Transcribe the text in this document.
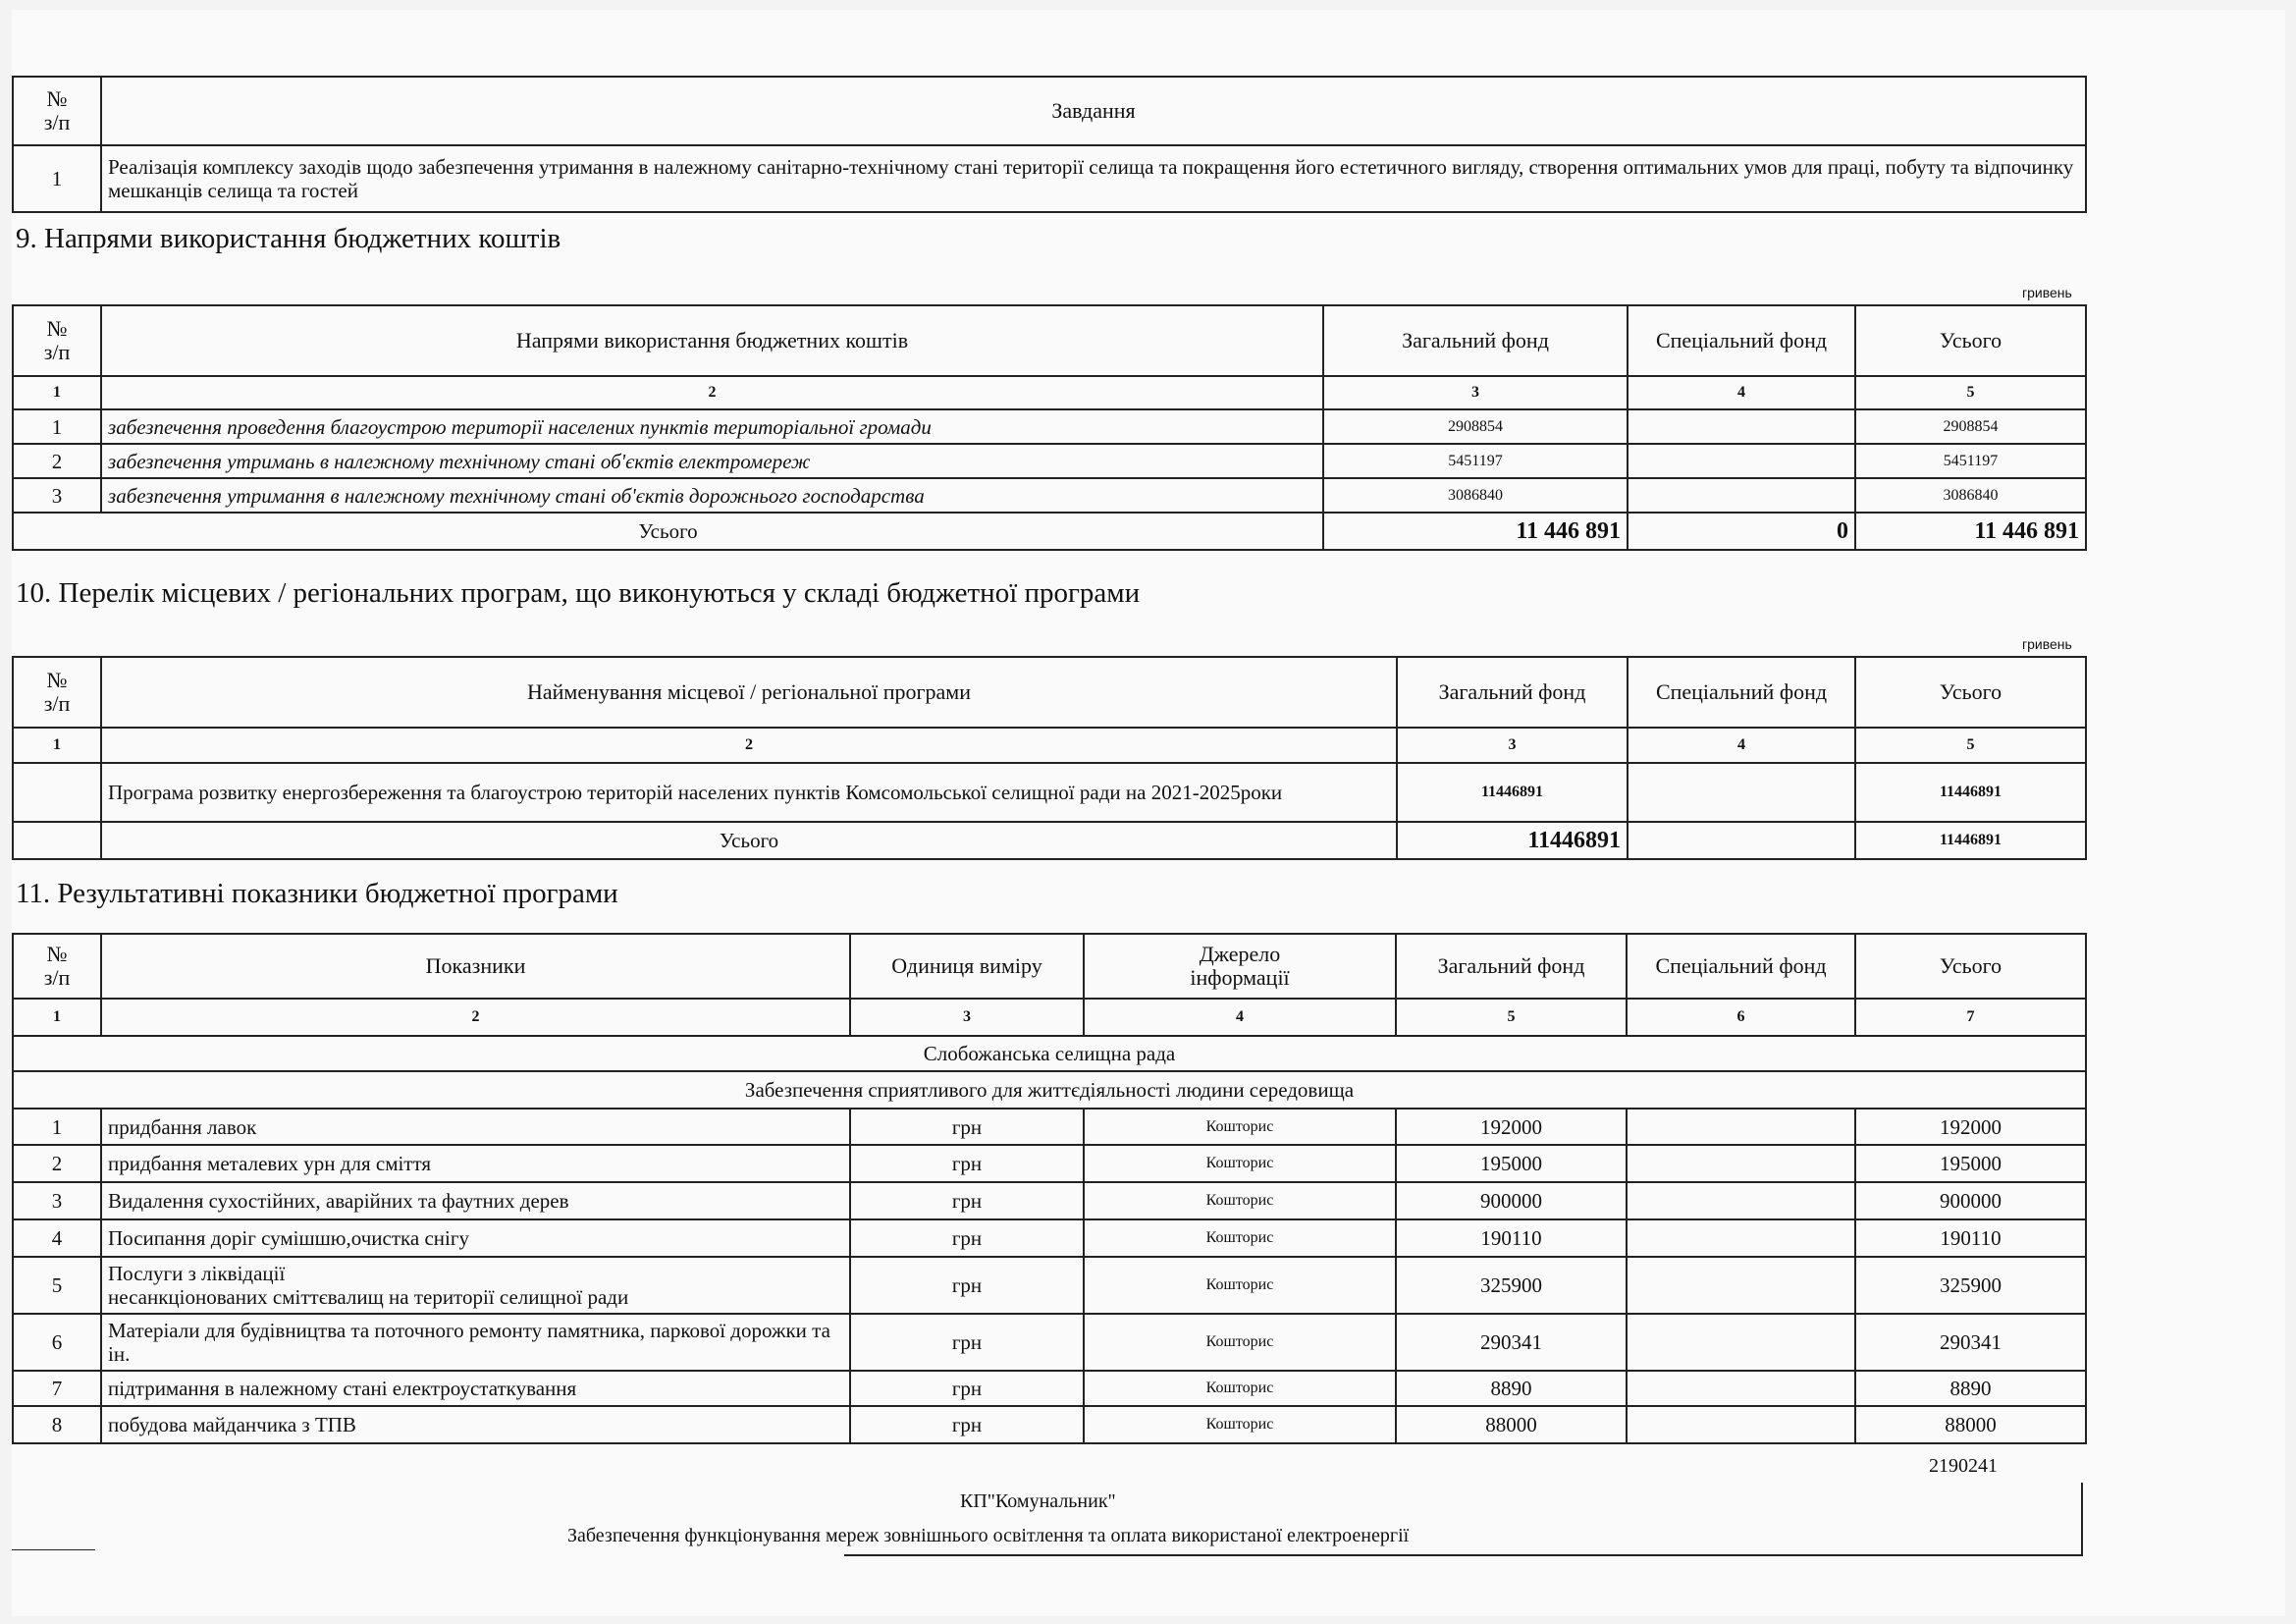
№
з/п	Завдання
1	Реалізація комплексу заходів щодо забезпечення утримання в належному санітарно-технічному стані території селища та покращення його естетичного вигляду, створення оптимальних умов для праці, побуту та відпочинку мешканців селища та гостей
9. Напрями використання бюджетних коштів
гривень
№
з/п	Напрями використання бюджетних коштів	Загальний фонд	Спеціальний фонд	Усього
1	2	3	4	5
1	забезпечення проведення благоустрою території населених пунктів територіальної громади	2908854		2908854
2	забезпечення утримань в належному технічному стані об'єктів електромереж	5451197		5451197
3	забезпечення утримання в належному технічному стані об'єктів дорожнього господарства	3086840		3086840
Усього		11 446 891	0	11 446 891
10. Перелік місцевих / регіональних програм, що виконуються у складі бюджетної програми
гривень
№
з/п	Найменування місцевої / регіональної програми	Загальний фонд	Спеціальний фонд	Усього
1	2	3	4	5
	Програма розвитку енергозбереження та благоустрою територій населених пунктів Комсомольської селищної ради на 2021-2025роки	11446891		11446891
	Усього	11446891		11446891
11. Результативні показники бюджетної програми
№
з/п	Показники	Одиниця виміру	Джерело
інформації	Загальний фонд	Спеціальний фонд	Усього
1	2	3	4	5	6	7
Слобожанська селищна рада						
Забезпечення сприятливого для життєдіяльності людини середовища						
1	придбання лавок	грн	Кошторис	192000		192000
2	придбання металевих урн для сміття	грн	Кошторис	195000		195000
3	Видалення сухостійних, аварійних та фаутних дерев	грн	Кошторис	900000		900000
4	Посипання доріг сумішшю,очистка снігу	грн	Кошторис	190110		190110
5	Послуги з ліквідації
несанкціонованих сміттєвалищ на території селищної ради	грн	Кошторис	325900		325900
6	Матеріали для будівництва та поточного ремонту памятника, паркової дорожки та ін.	грн	Кошторис	290341		290341
7	підтримання в належному стані електроустаткування	грн	Кошторис	8890		8890
8	побудова майданчика з ТПВ	грн	Кошторис	88000		88000
2190241
КП"Комунальник"
Забезпечення функціонування мереж зовнішнього освітлення та оплата використаної електроенергії
